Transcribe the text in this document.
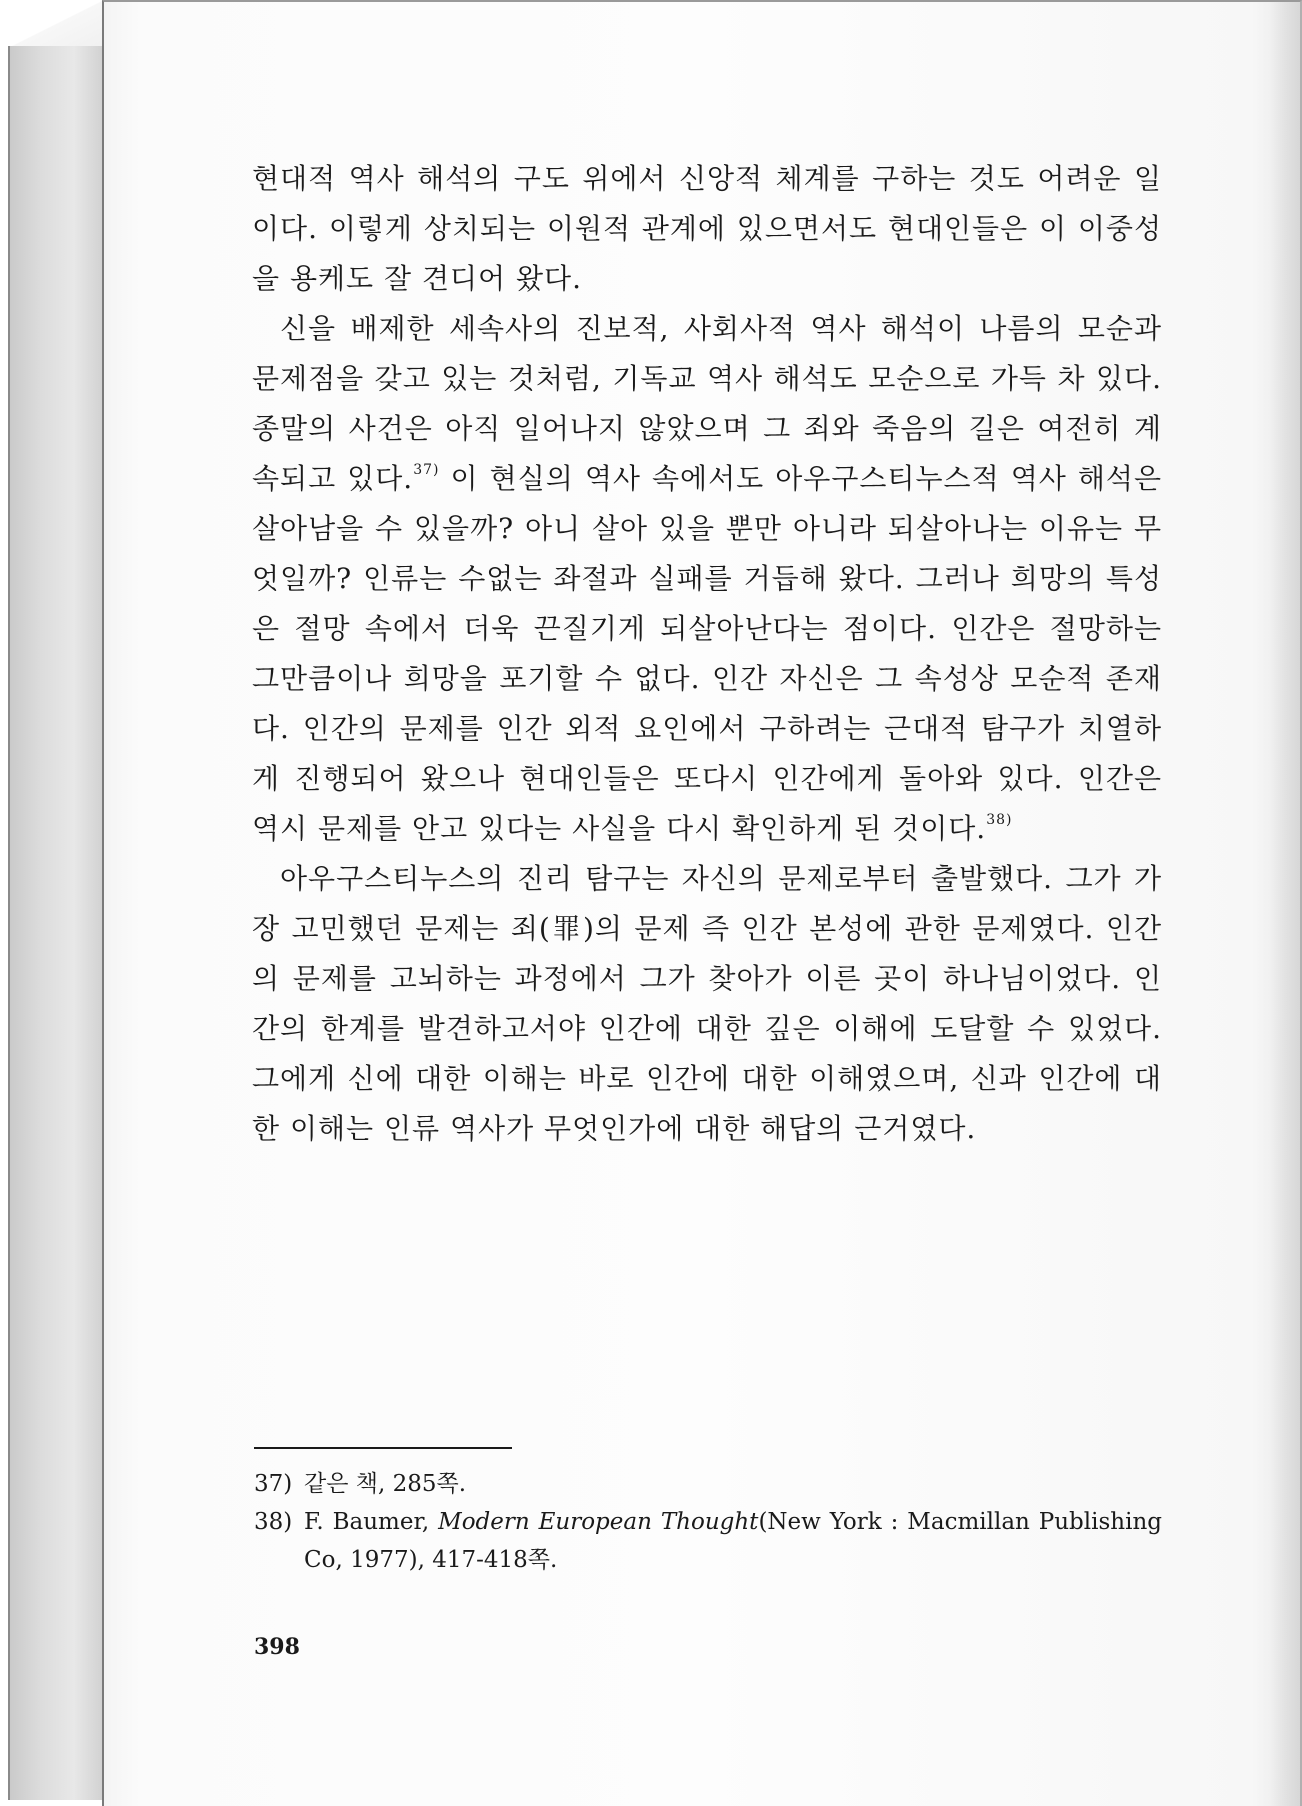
현대적 역사 해석의 구도 위에서 신앙적 체계를 구하는 것도 어려운 일이다. 이렇게 상치되는 이원적 관계에 있으면서도 현대인들은 이 이중성을 용케도 잘 견디어 왔다.

신을 배제한 세속사의 진보적, 사회사적 역사 해석이 나름의 모순과 문제점을 갖고 있는 것처럼, 기독교 역사 해석도 모순으로 가득 차 있다. 종말의 사건은 아직 일어나지 않았으며 그 죄와 죽음의 길은 여전히 계속되고 있다.$^{37)}$ 이 현실의 역사 속에서도 아우구스티누스적 역사 해석은 살아남을 수 있을까? 아니 살아 있을 뿐만 아니라 되살아나는 이유는 무엇일까? 인류는 수없는 좌절과 실패를 거듭해 왔다. 그러나 희망의 특성은 절망 속에서 더욱 끈질기게 되살아난다는 점이다. 인간은 절망하는 그만큼이나 희망을 포기할 수 없다. 인간 자신은 그 속성상 모순적 존재다. 인간의 문제를 인간 외적 요인에서 구하려는 근대적 탐구가 치열하게 진행되어 왔으나 현대인들은 또다시 인간에게 돌아와 있다. 인간은 역시 문제를 안고 있다는 사실을 다시 확인하게 된 것이다.$^{38)}$

아우구스티누스의 진리 탐구는 자신의 문제로부터 출발했다. 그가 가장 고민했던 문제는 죄(罪)의 문제 즉 인간 본성에 관한 문제였다. 인간의 문제를 고뇌하는 과정에서 그가 찾아가 이른 곳이 하나님이었다. 인간의 한계를 발견하고서야 인간에 대한 깊은 이해에 도달할 수 있었다. 그에게 신에 대한 이해는 바로 인간에 대한 이해였으며, 신과 인간에 대한 이해는 인류 역사가 무엇인가에 대한 해답의 근거였다.

37) 같은 책, 285쪽.

38) F. Baumer, Modern European Thought(New York : Macmillan Publishing Co, 1977), 417-418쪽.

398
